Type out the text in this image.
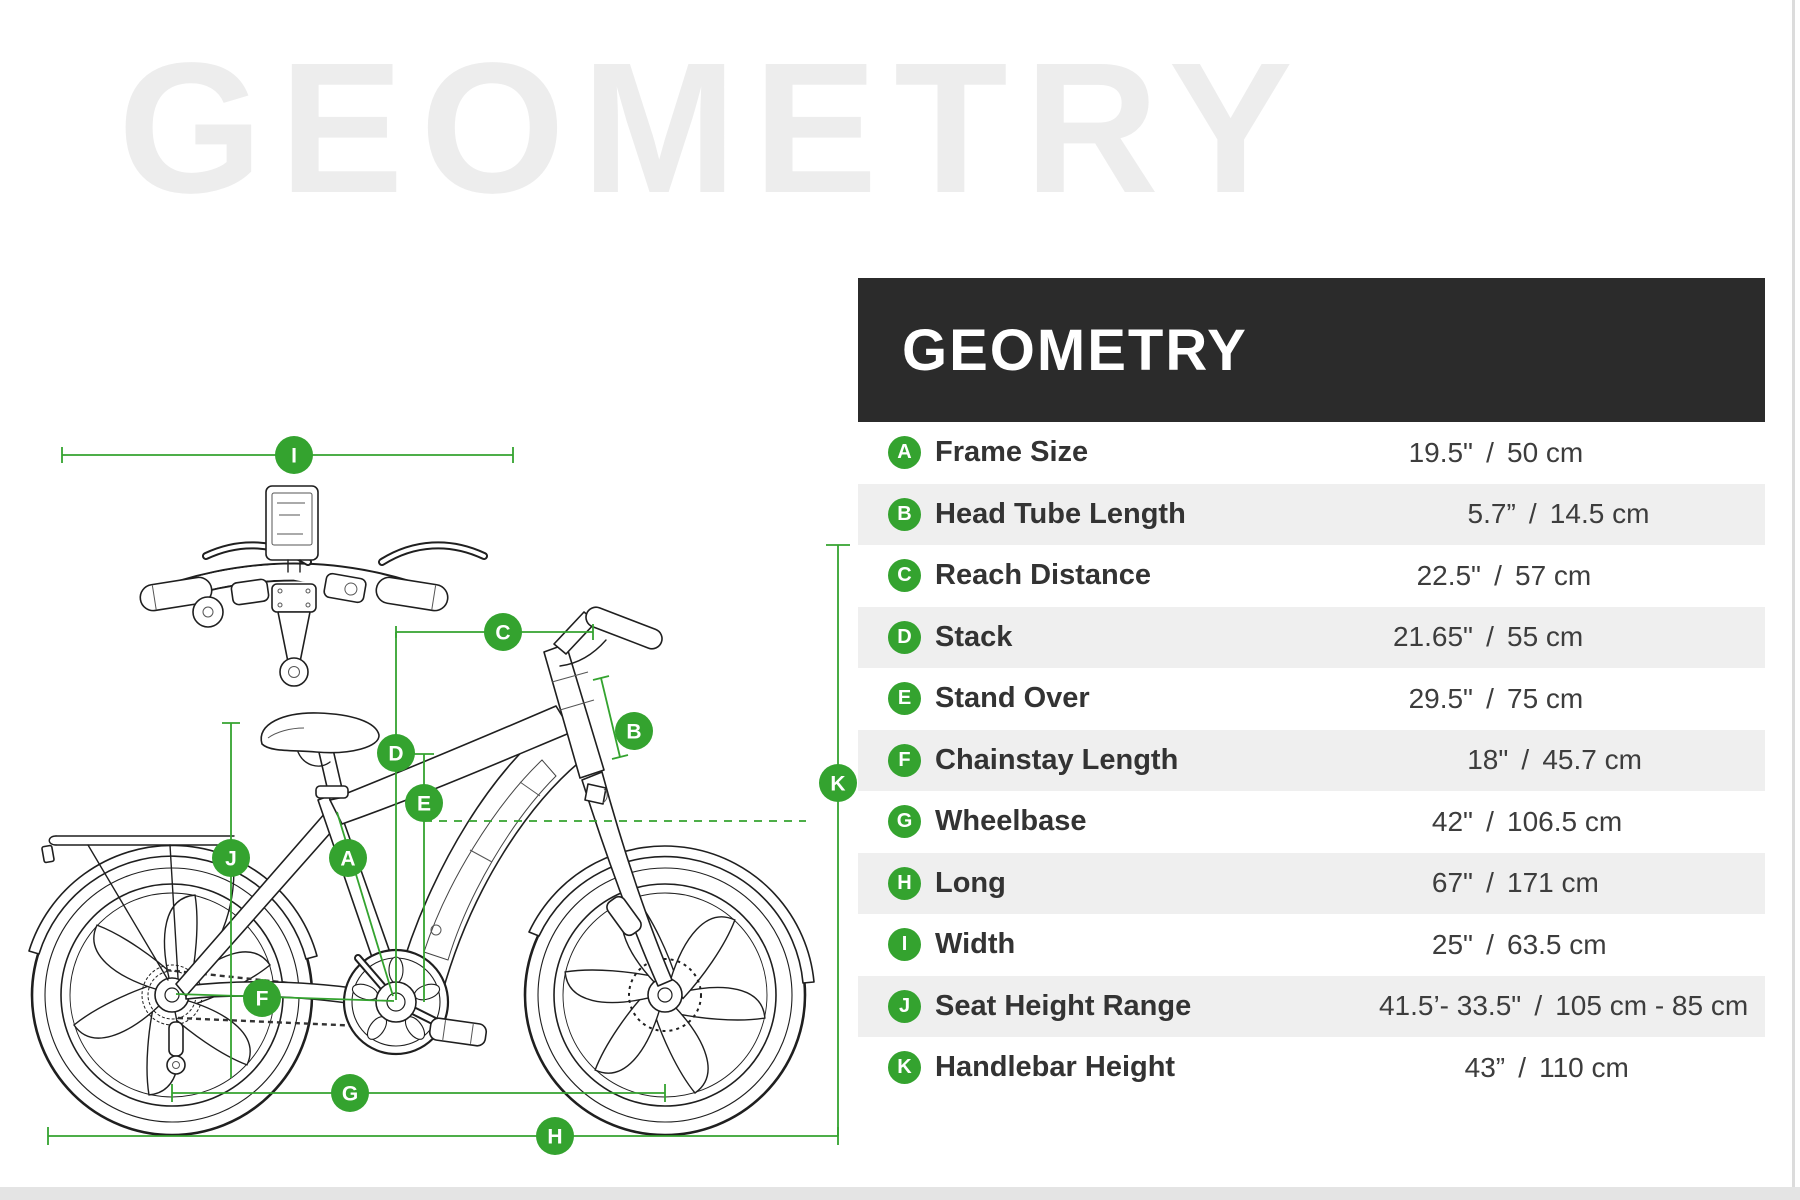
GEOMETRY
I
C
B
D
E
A
J
K
F
G
H
GEOMETRY
A Frame Size	19.5" / 50 cm
B Head Tube Length	5.7” / 14.5 cm
C Reach Distance	22.5" / 57 cm
D Stack	21.65" / 55 cm
E Stand Over	29.5" / 75 cm
F Chainstay Length	18" / 45.7 cm
G Wheelbase	42" / 106.5 cm
H Long	67" / 171 cm
I Width	25" / 63.5 cm
J Seat Height Range	41.5’- 33.5" / 105 cm - 85 cm
K Handlebar Height	43” / 110 cm
